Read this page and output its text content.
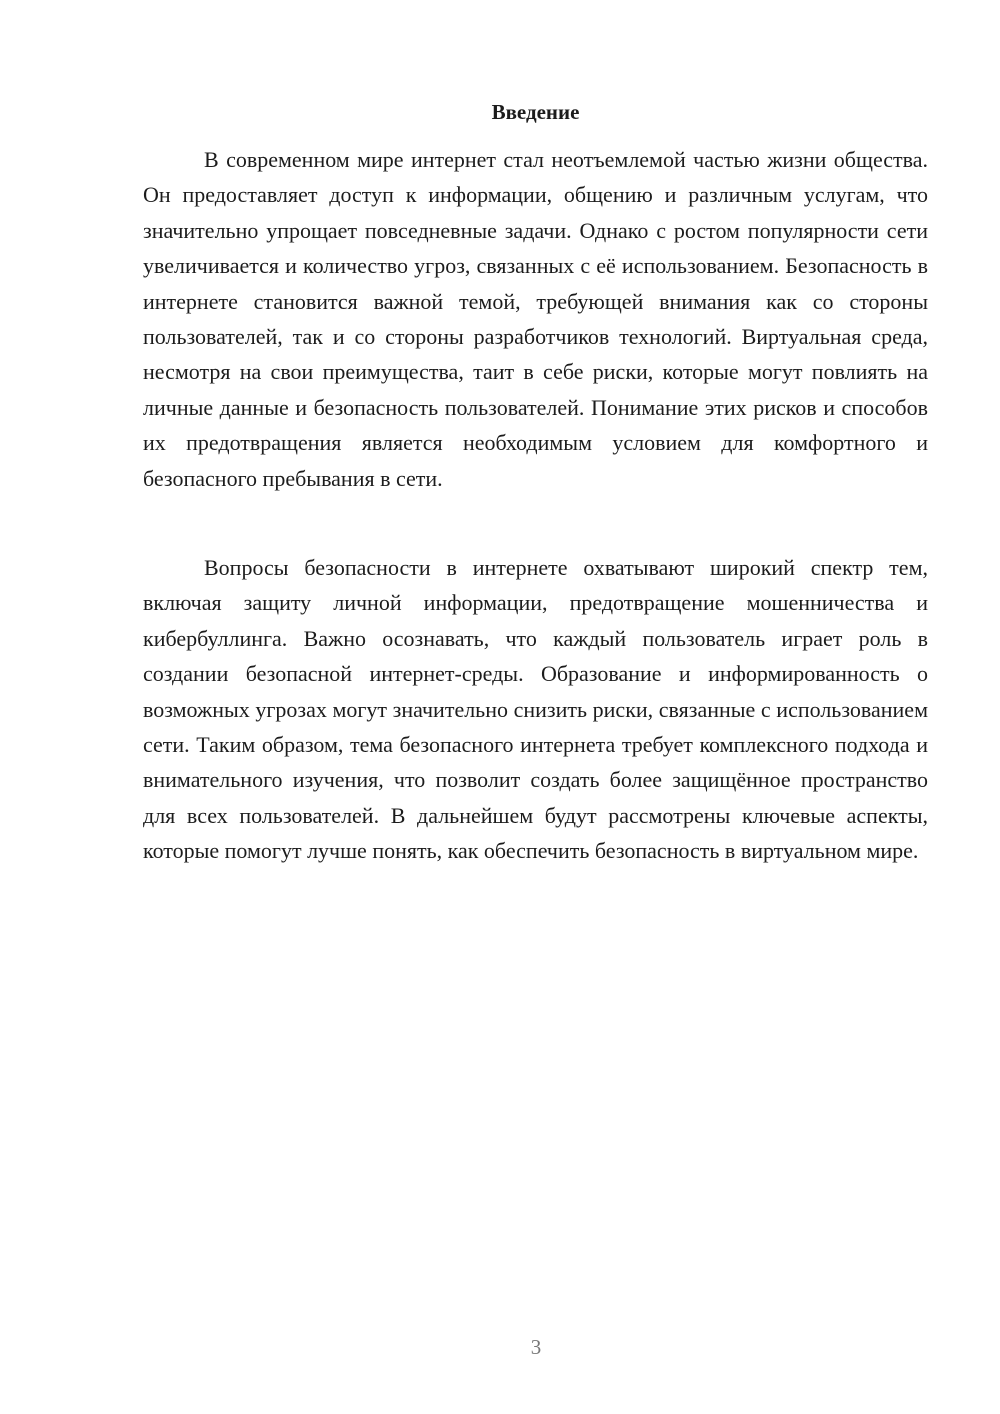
Введение

В современном мире интернет стал неотъемлемой частью жизни общества. Он предоставляет доступ к информации, общению и различным услугам, что значительно упрощает повседневные задачи. Однако с ростом популярности сети увеличивается и количество угроз, связанных с её использованием. Безопасность в интернете становится важной темой, требующей внимания как со стороны пользователей, так и со стороны разработчиков технологий. Виртуальная среда, несмотря на свои преимущества, таит в себе риски, которые могут повлиять на личные данные и безопасность пользователей. Понимание этих рисков и способов их предотвращения является необходимым условием для комфортного и безопасного пребывания в сети.

Вопросы безопасности в интернете охватывают широкий спектр тем, включая защиту личной информации, предотвращение мошенничества и кибербуллинга. Важно осознавать, что каждый пользователь играет роль в создании безопасной интернет-среды. Образование и информированность о возможных угрозах могут значительно снизить риски, связанные с использованием сети. Таким образом, тема безопасного интернета требует комплексного подхода и внимательного изучения, что позволит создать более защищённое пространство для всех пользователей. В дальнейшем будут рассмотрены ключевые аспекты, которые помогут лучше понять, как обеспечить безопасность в виртуальном мире.

3
